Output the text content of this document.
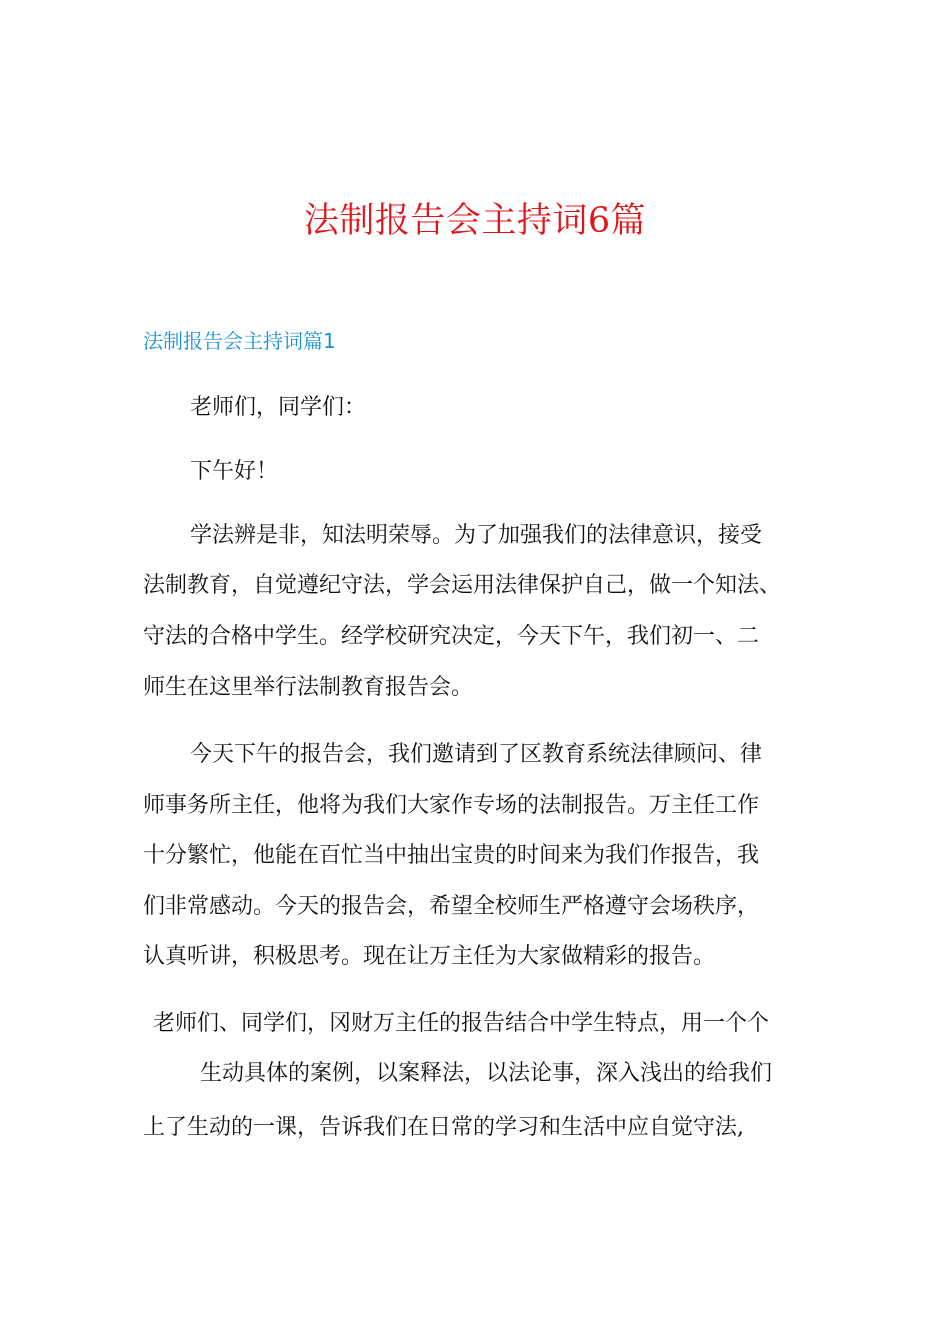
法制报告会主持词6篇
法制报告会主持词篇1
老师们，同学们：
下午好！
学法辨是非，知法明荣辱。为了加强我们的法律意识，接受
法制教育，自觉遵纪守法，学会运用法律保护自己，做一个知法、
守法的合格中学生。经学校研究决定，今天下午，我们初一、二
师生在这里举行法制教育报告会。
今天下午的报告会，我们邀请到了区教育系统法律顾问、律
师事务所主任，他将为我们大家作专场的法制报告。万主任工作
十分繁忙，他能在百忙当中抽出宝贵的时间来为我们作报告，我
们非常感动。今天的报告会，希望全校师生严格遵守会场秩序，
认真听讲，积极思考。现在让万主任为大家做精彩的报告。
老师们、同学们，冈财万主任的报告结合中学生特点，用一个个
生动具体的案例，以案释法，以法论事，深入浅出的给我们
上了生动的一课，告诉我们在日常的学习和生活中应自觉守法,
